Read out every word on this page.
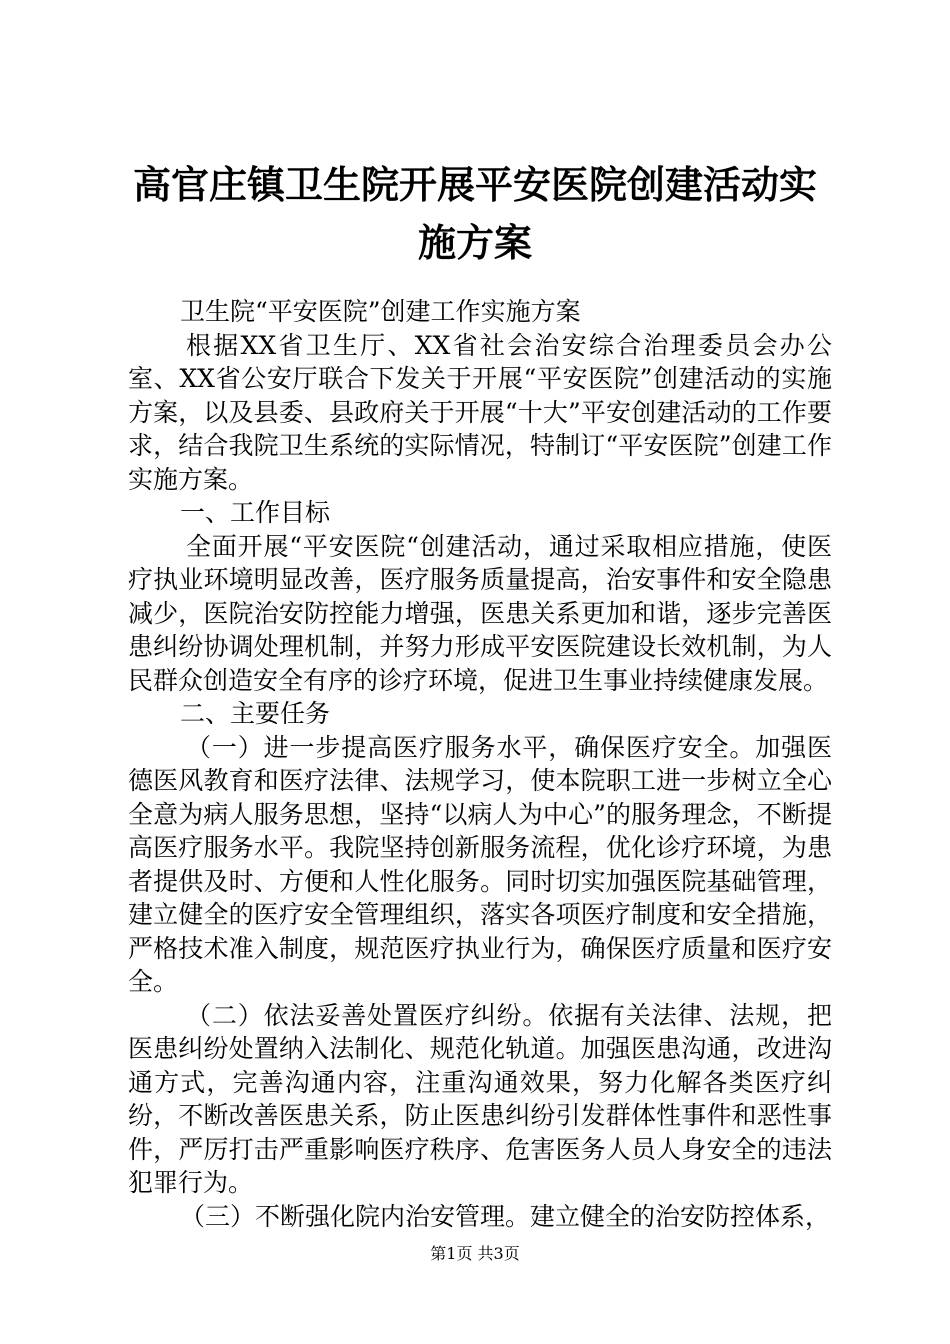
高官庄镇卫生院开展平安医院创建活动实施方案

卫生院“平安医院”创建工作实施方案

根据XX省卫生厅、XX省社会治安综合治理委员会办公室、XX省公安厅联合下发关于开展“平安医院”创建活动的实施方案，以及县委、县政府关于开展“十大”平安创建活动的工作要求，结合我院卫生系统的实际情况，特制订“平安医院”创建工作实施方案。

一、工作目标

全面开展“平安医院“创建活动，通过采取相应措施，使医疗执业环境明显改善，医疗服务质量提高，治安事件和安全隐患减少，医院治安防控能力增强，医患关系更加和谐，逐步完善医患纠纷协调处理机制，并努力形成平安医院建设长效机制，为人民群众创造安全有序的诊疗环境，促进卫生事业持续健康发展。

二、主要任务

（一）进一步提高医疗服务水平，确保医疗安全。加强医德医风教育和医疗法律、法规学习，使本院职工进一步树立全心全意为病人服务思想，坚持“以病人为中心”的服务理念，不断提高医疗服务水平。我院坚持创新服务流程，优化诊疗环境，为患者提供及时、方便和人性化服务。同时切实加强医院基础管理，建立健全的医疗安全管理组织，落实各项医疗制度和安全措施，严格技术准入制度，规范医疗执业行为，确保医疗质量和医疗安全。

（二）依法妥善处置医疗纠纷。依据有关法律、法规，把医患纠纷处置纳入法制化、规范化轨道。加强医患沟通，改进沟通方式，完善沟通内容，注重沟通效果，努力化解各类医疗纠纷，不断改善医患关系，防止医患纠纷引发群体性事件和恶性事件，严厉打击严重影响医疗秩序、危害医务人员人身安全的违法犯罪行为。

（三）不断强化院内治安管理。建立健全的治安防控体系，

第1页 共3页
